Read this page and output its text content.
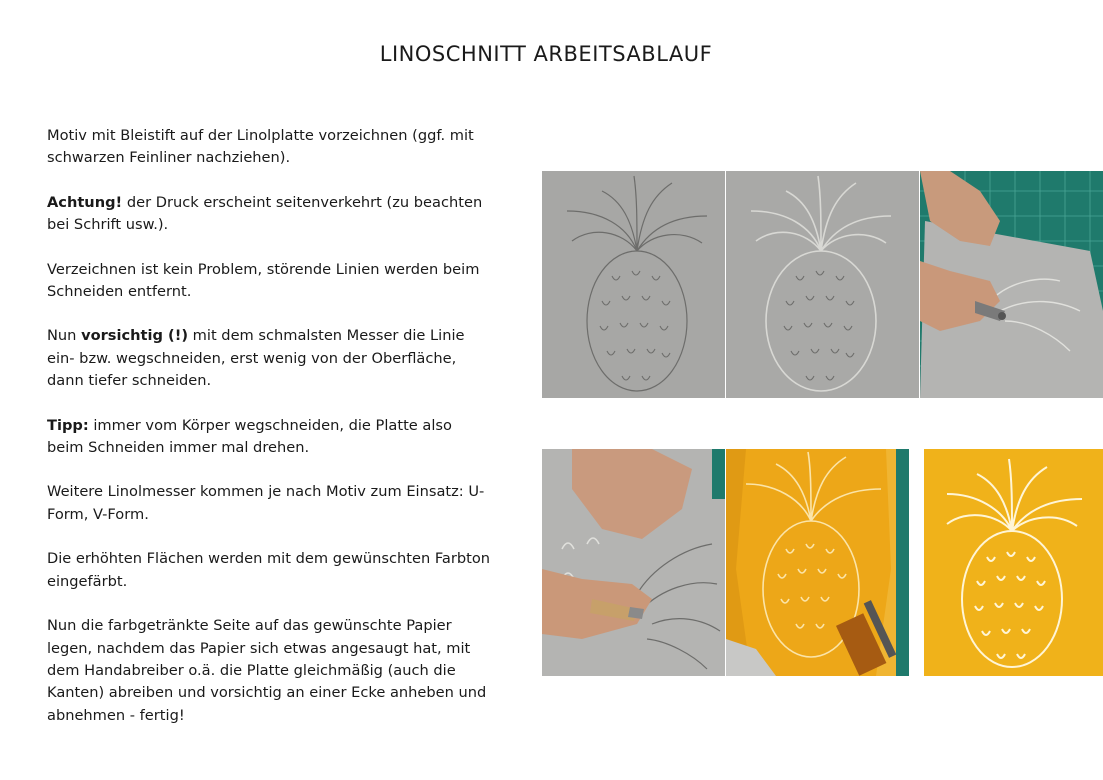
LINOSCHNITT ARBEITSABLAUF

Motiv mit Bleistift auf der Linolplatte vorzeichnen (ggf. mit schwarzen Feinliner nachziehen).

Achtung! der Druck erscheint seitenverkehrt (zu beachten bei Schrift usw.).

Verzeichnen ist kein Problem, störende Linien werden beim Schneiden entfernt.

Nun vorsichtig (!) mit dem schmalsten Messer die Linie ein- bzw. wegschneiden, erst wenig von der Oberfläche, dann tiefer schneiden.

Tipp: immer vom Körper wegschneiden, die Platte also beim Schneiden immer mal drehen.

Weitere Linolmesser kommen je nach Motiv zum Einsatz: U-Form, V-Form.

Die erhöhten Flächen werden mit dem gewünschten Farbton eingefärbt.

Nun die farbgetränkte Seite auf das gewünschte Papier legen, nachdem das Papier sich etwas angesaugt hat, mit dem Handabreiber o.ä. die Platte gleichmäßig (auch die Kanten) abreiben und vorsichtig an einer Ecke anheben und abnehmen - fertig!
